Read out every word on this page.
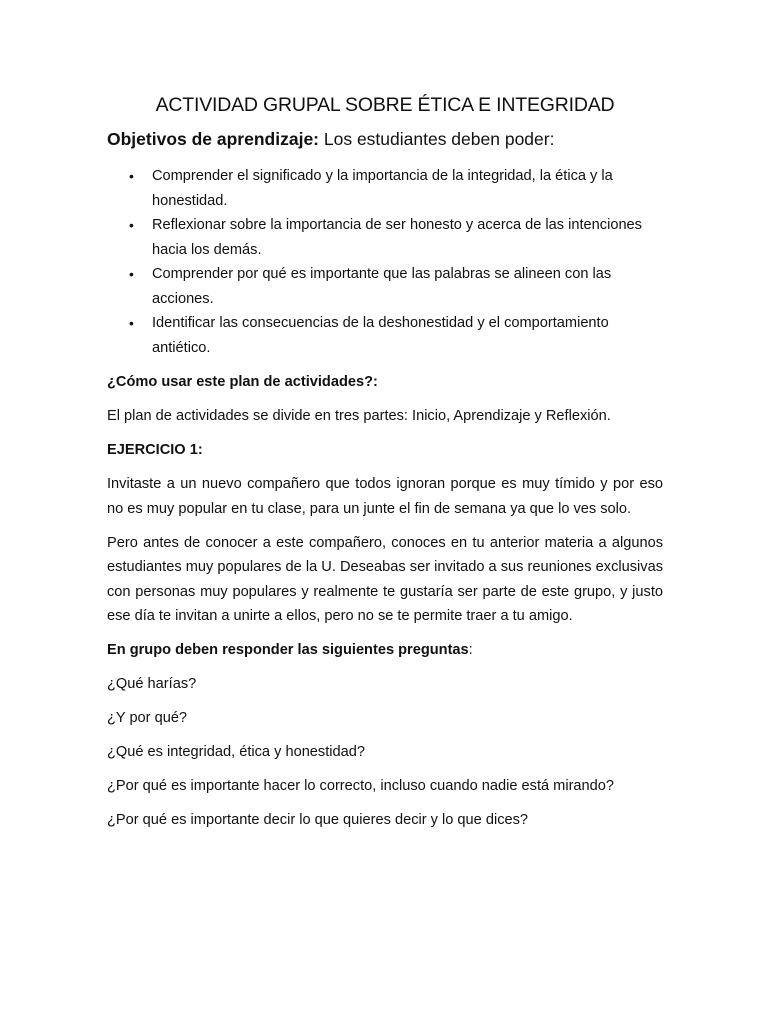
ACTIVIDAD GRUPAL SOBRE ÉTICA E INTEGRIDAD
Objetivos de aprendizaje: Los estudiantes deben poder:
• Comprender el significado y la importancia de la integridad, la ética y la honestidad.
• Reflexionar sobre la importancia de ser honesto y acerca de las intenciones hacia los demás.
• Comprender por qué es importante que las palabras se alineen con las acciones.
• Identificar las consecuencias de la deshonestidad y el comportamiento antiético.

¿Cómo usar este plan de actividades?:

El plan de actividades se divide en tres partes: Inicio, Aprendizaje y Reflexión.

EJERCICIO 1:

Invitaste a un nuevo compañero que todos ignoran porque es muy tímido y por eso no es muy popular en tu clase, para un junte el fin de semana ya que lo ves solo.

Pero antes de conocer a este compañero, conoces en tu anterior materia a algunos estudiantes muy populares de la U. Deseabas ser invitado a sus reuniones exclusivas con personas muy populares y realmente te gustaría ser parte de este grupo, y justo ese día te invitan a unirte a ellos, pero no se te permite traer a tu amigo.

En grupo deben responder las siguientes preguntas:

¿Qué harías?

¿Y por qué?

¿Qué es integridad, ética y honestidad?

¿Por qué es importante hacer lo correcto, incluso cuando nadie está mirando?

¿Por qué es importante decir lo que quieres decir y lo que dices?
